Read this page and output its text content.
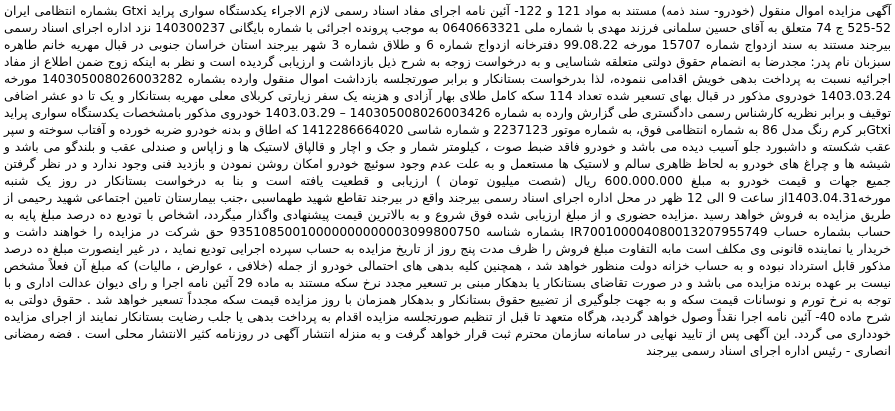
آگهی مزایده اموال منقول (خودرو- سند ذمه) مستند به مواد 121 و 122- آئین نامه اجرای مفاد اسناد رسمی لازم الاجراء یکدستگاه سواری پراید Gtxi بشماره انتظامی ایران 52-525 ج 74 متعلق به آقای حسین سلمانی فرزند مهدی با شماره ملی 0640663321 به موجب پرونده اجرائی با شماره بایگانی 140300237 نزد اداره اجرای اسناد رسمی بیرجند مستند به سند ازدواج شماره 15707 مورخه 99.08.22 دفترخانه ازدواج شماره 6 و طلاق شماره 3 شهر بیرجند استان خراسان جنوبی در قبال مهریه خانم طاهره سبزبان نام پدر: مجدرضا به انضمام حقوق دولتی متعلقه شناسایی و به درخواست زوجه به شرح ذیل بازداشت و ارزیابی گردیده است و نظر به اینکه زوج ضمن اطلاع از مفاد اجرائیه نسبت به پرداخت بدهی خویش اقدامی ننموده، لذا بدرخواست بستانکار و برابر صورتجلسه بازداشت اموال منقول وارده بشماره 140305008026003282 مورخه 1403.03.24 خودروی مذکور در قبال بهای تسعیر شده تعداد 114 سکه کامل طلای بهار آزادی و هزینه یک سفر زیارتی کربلای معلی مهریه بستانکار و یک تا دو عشر اضافی توقیف و برابر نظریه کارشناس رسمی دادگستری طی گزارش وارده به شماره 140305008026003426 – 1403.03.29 خودروی مذکور بامشخصات یکدستگاه سواری پراید Gtxiبر کرم رنگ مدل 86 به شماره انتظامی فوق، به شماره موتور 2237123 و شماره شاسی 1412286664020 که اطاق و بدنه خودرو ضربه خورده و آفتاب سوخته و سپر عقب شکسته و داشبورد جلو آسیب دیده می باشد و خودرو فاقد ضبط صوت ، کیلومتر شمار و جک و اچار و قالپاق لاستیک ها و زاپاس و صندلی عقب و بلندگو می باشد و شیشه ها و چراغ های خودرو به لحاظ ظاهری سالم و لاستیک ها مستعمل و به علت عدم وجود سوئیچ خودرو امکان روشن نمودن و بازدید فنی وجود ندارد و در نظر گرفتن جمیع جهات و قیمت خودرو به مبلغ 600.000.000 ریال (شصت میلیون تومان ) ارزیابی و قطعیت یافته است و بنا به درخواست بستانکار در روز یک شنبه مورخه1403.04.31از ساعت 9 الی 12 ظهر در محل اداره اجرای اسناد رسمی بیرجند واقع در بیرجند تقاطع شهید طهماسبی ،جنب بیمارستان تامین اجتماعی شهید رحیمی از طریق مزایده به فروش خواهد رسید .مزایده حضوری و از مبلغ ارزیابی شده فوق شروع و به بالاترین قیمت پیشنهادی واگذار میگردد، اشخاص با تودیع ده درصد مبلغ پایه به حساب بشماره حساب IR700100004080013207955749 بشماره شناسه 93510850010000000000003099800750 حق شرکت در مزایده را خواهند داشت و خریدار یا نماینده قانونی وی مکلف است مابه التفاوت مبلغ فروش را ظرف مدت پنج روز از تاریخ مزایده به حساب سپرده اجرایی تودیع نماید ، در غیر اینصورت مبلغ ده درصد مذکور قابل استرداد نبوده و به حساب خزانه دولت منظور خواهد شد ، همچنین کلیه بدهی های احتمالی خودرو از جمله (خلافی ، عوارض ، مالیات) که مبلغ آن فعلاً مشخص نیست بر عهده برنده مزایده می باشد و در صورت تقاضای بستانکار یا بدهکار مبنی بر تسعیر مجدد نرخ سکه مستند به ماده 29 آئین نامه اجرا و رای دیوان عدالت اداری و با توجه به نرخ تورم و نوسانات قیمت سکه و به جهت جلوگیری از تضییع حقوق بستانکار و بدهکار همزمان با روز مزایده قیمت سکه مجدداً تسعیر خواهد شد . حقوق دولتی به شرح ماده 40- آئین نامه اجرا نقداً وصول خواهد گردید، هرگاه متعهد تا قبل از تنظیم صورتجلسه مزایده اقدام به پرداخت بدهی یا جلب رضایت بستانکار نمایند از اجرای مزایده خودداری می گردد. این آگهی پس از تایید نهایی در سامانه سازمان محترم ثبت قرار خواهد گرفت و به منزله انتشار آگهی در روزنامه کثیر الانتشار محلی است . فضه رمضانی انصاری - رئیس اداره اجرای اسناد رسمی بیرجند
